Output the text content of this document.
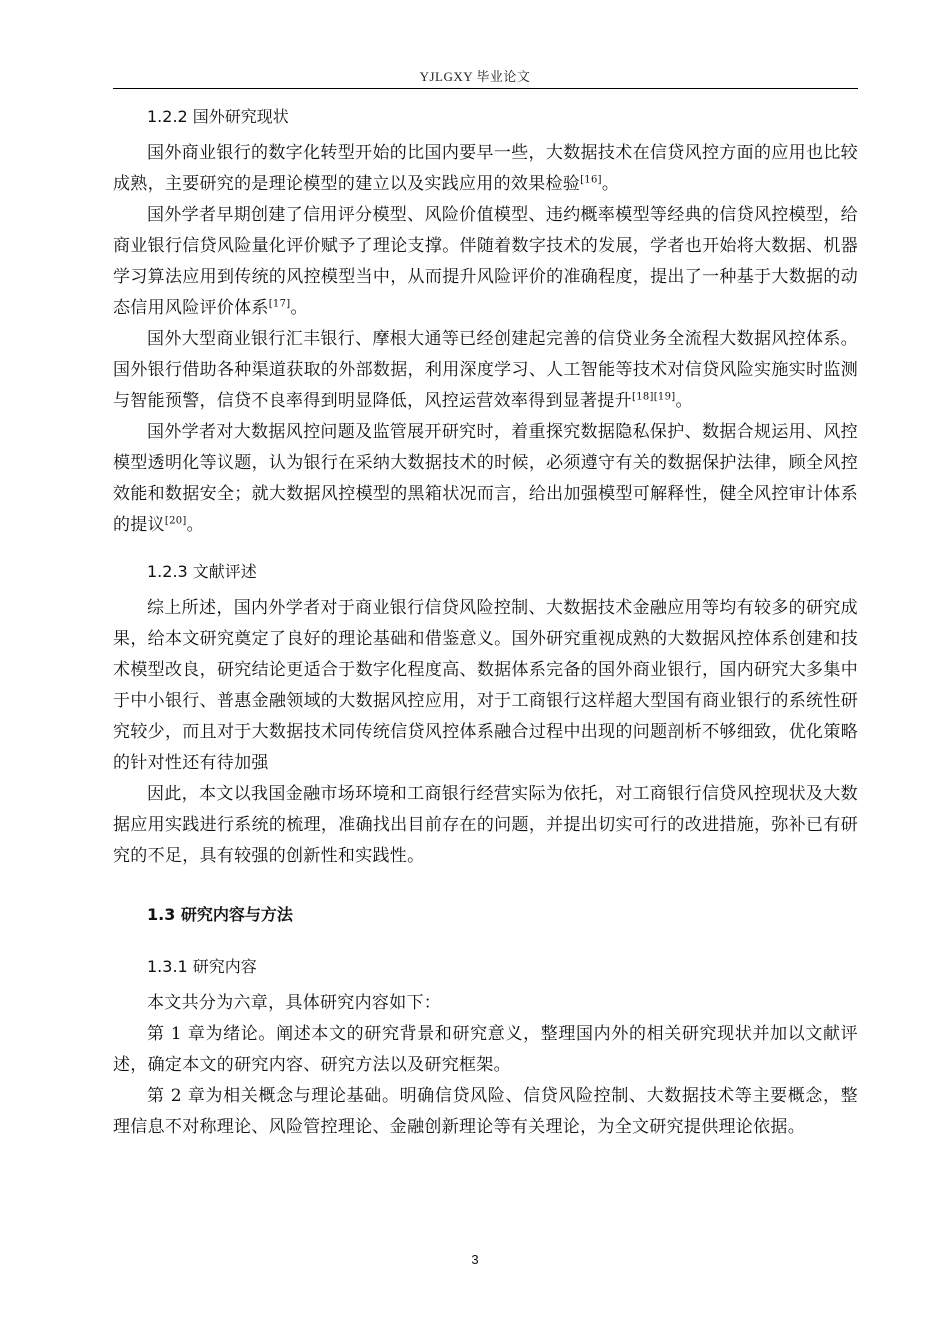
YJLGXY 毕业论文
1.2.2 国外研究现状

国外商业银行的数字化转型开始的比国内要早一些，大数据技术在信贷风控方面的应用也比较成熟，主要研究的是理论模型的建立以及实践应用的效果检验[16]。

国外学者早期创建了信用评分模型、风险价值模型、违约概率模型等经典的信贷风控模型，给商业银行信贷风险量化评价赋予了理论支撑。伴随着数字技术的发展，学者也开始将大数据、机器学习算法应用到传统的风控模型当中，从而提升风险评价的准确程度，提出了一种基于大数据的动态信用风险评价体系[17]。

国外大型商业银行汇丰银行、摩根大通等已经创建起完善的信贷业务全流程大数据风控体系。国外银行借助各种渠道获取的外部数据，利用深度学习、人工智能等技术对信贷风险实施实时监测与智能预警，信贷不良率得到明显降低，风控运营效率得到显著提升[18][19]。

国外学者对大数据风控问题及监管展开研究时，着重探究数据隐私保护、数据合规运用、风控模型透明化等议题，认为银行在采纳大数据技术的时候，必须遵守有关的数据保护法律，顾全风控效能和数据安全；就大数据风控模型的黑箱状况而言，给出加强模型可解释性，健全风控审计体系的提议[20]。

1.2.3 文献评述

综上所述，国内外学者对于商业银行信贷风险控制、大数据技术金融应用等均有较多的研究成果，给本文研究奠定了良好的理论基础和借鉴意义。国外研究重视成熟的大数据风控体系创建和技术模型改良，研究结论更适合于数字化程度高、数据体系完备的国外商业银行，国内研究大多集中于中小银行、普惠金融领域的大数据风控应用，对于工商银行这样超大型国有商业银行的系统性研究较少，而且对于大数据技术同传统信贷风控体系融合过程中出现的问题剖析不够细致，优化策略的针对性还有待加强

因此，本文以我国金融市场环境和工商银行经营实际为依托，对工商银行信贷风控现状及大数据应用实践进行系统的梳理，准确找出目前存在的问题，并提出切实可行的改进措施，弥补已有研究的不足，具有较强的创新性和实践性。

1.3 研究内容与方法
1.3.1 研究内容

本文共分为六章，具体研究内容如下：

第 1 章为绪论。阐述本文的研究背景和研究意义，整理国内外的相关研究现状并加以文献评述，确定本文的研究内容、研究方法以及研究框架。

第 2 章为相关概念与理论基础。明确信贷风险、信贷风险控制、大数据技术等主要概念，整理信息不对称理论、风险管控理论、金融创新理论等有关理论，为全文研究提供理论依据。

3
